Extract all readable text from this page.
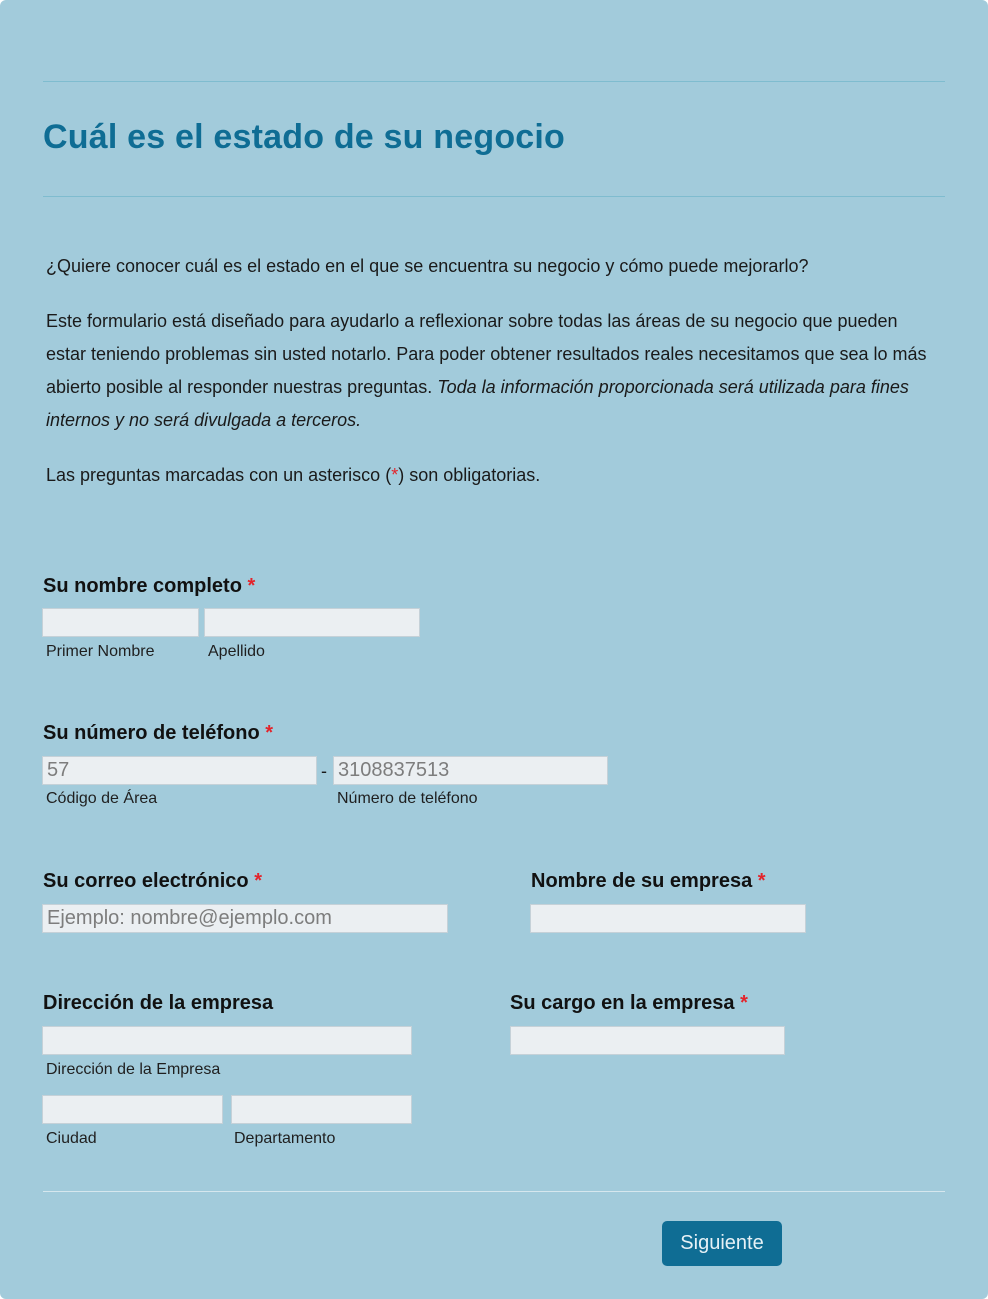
Cuál es el estado de su negocio
¿Quiere conocer cuál es el estado en el que se encuentra su negocio y cómo puede mejorarlo?
Este formulario está diseñado para ayudarlo a reflexionar sobre todas las áreas de su negocio que pueden estar teniendo problemas sin usted notarlo. Para poder obtener resultados reales necesitamos que sea lo más abierto posible al responder nuestras preguntas. Toda la información proporcionada será utilizada para fines internos y no será divulgada a terceros.
Las preguntas marcadas con un asterisco (*) son obligatorias.
Su nombre completo *
Primer Nombre	Apellido
Su número de teléfono *
57
-
3108837513
Código de Área	Número de teléfono
Su correo electrónico *
Ejemplo: nombre@ejemplo.com	Nombre de su empresa *
Dirección de la empresa
Dirección de la Empresa
Ciudad	Departamento
Su cargo en la empresa *
Siguiente
